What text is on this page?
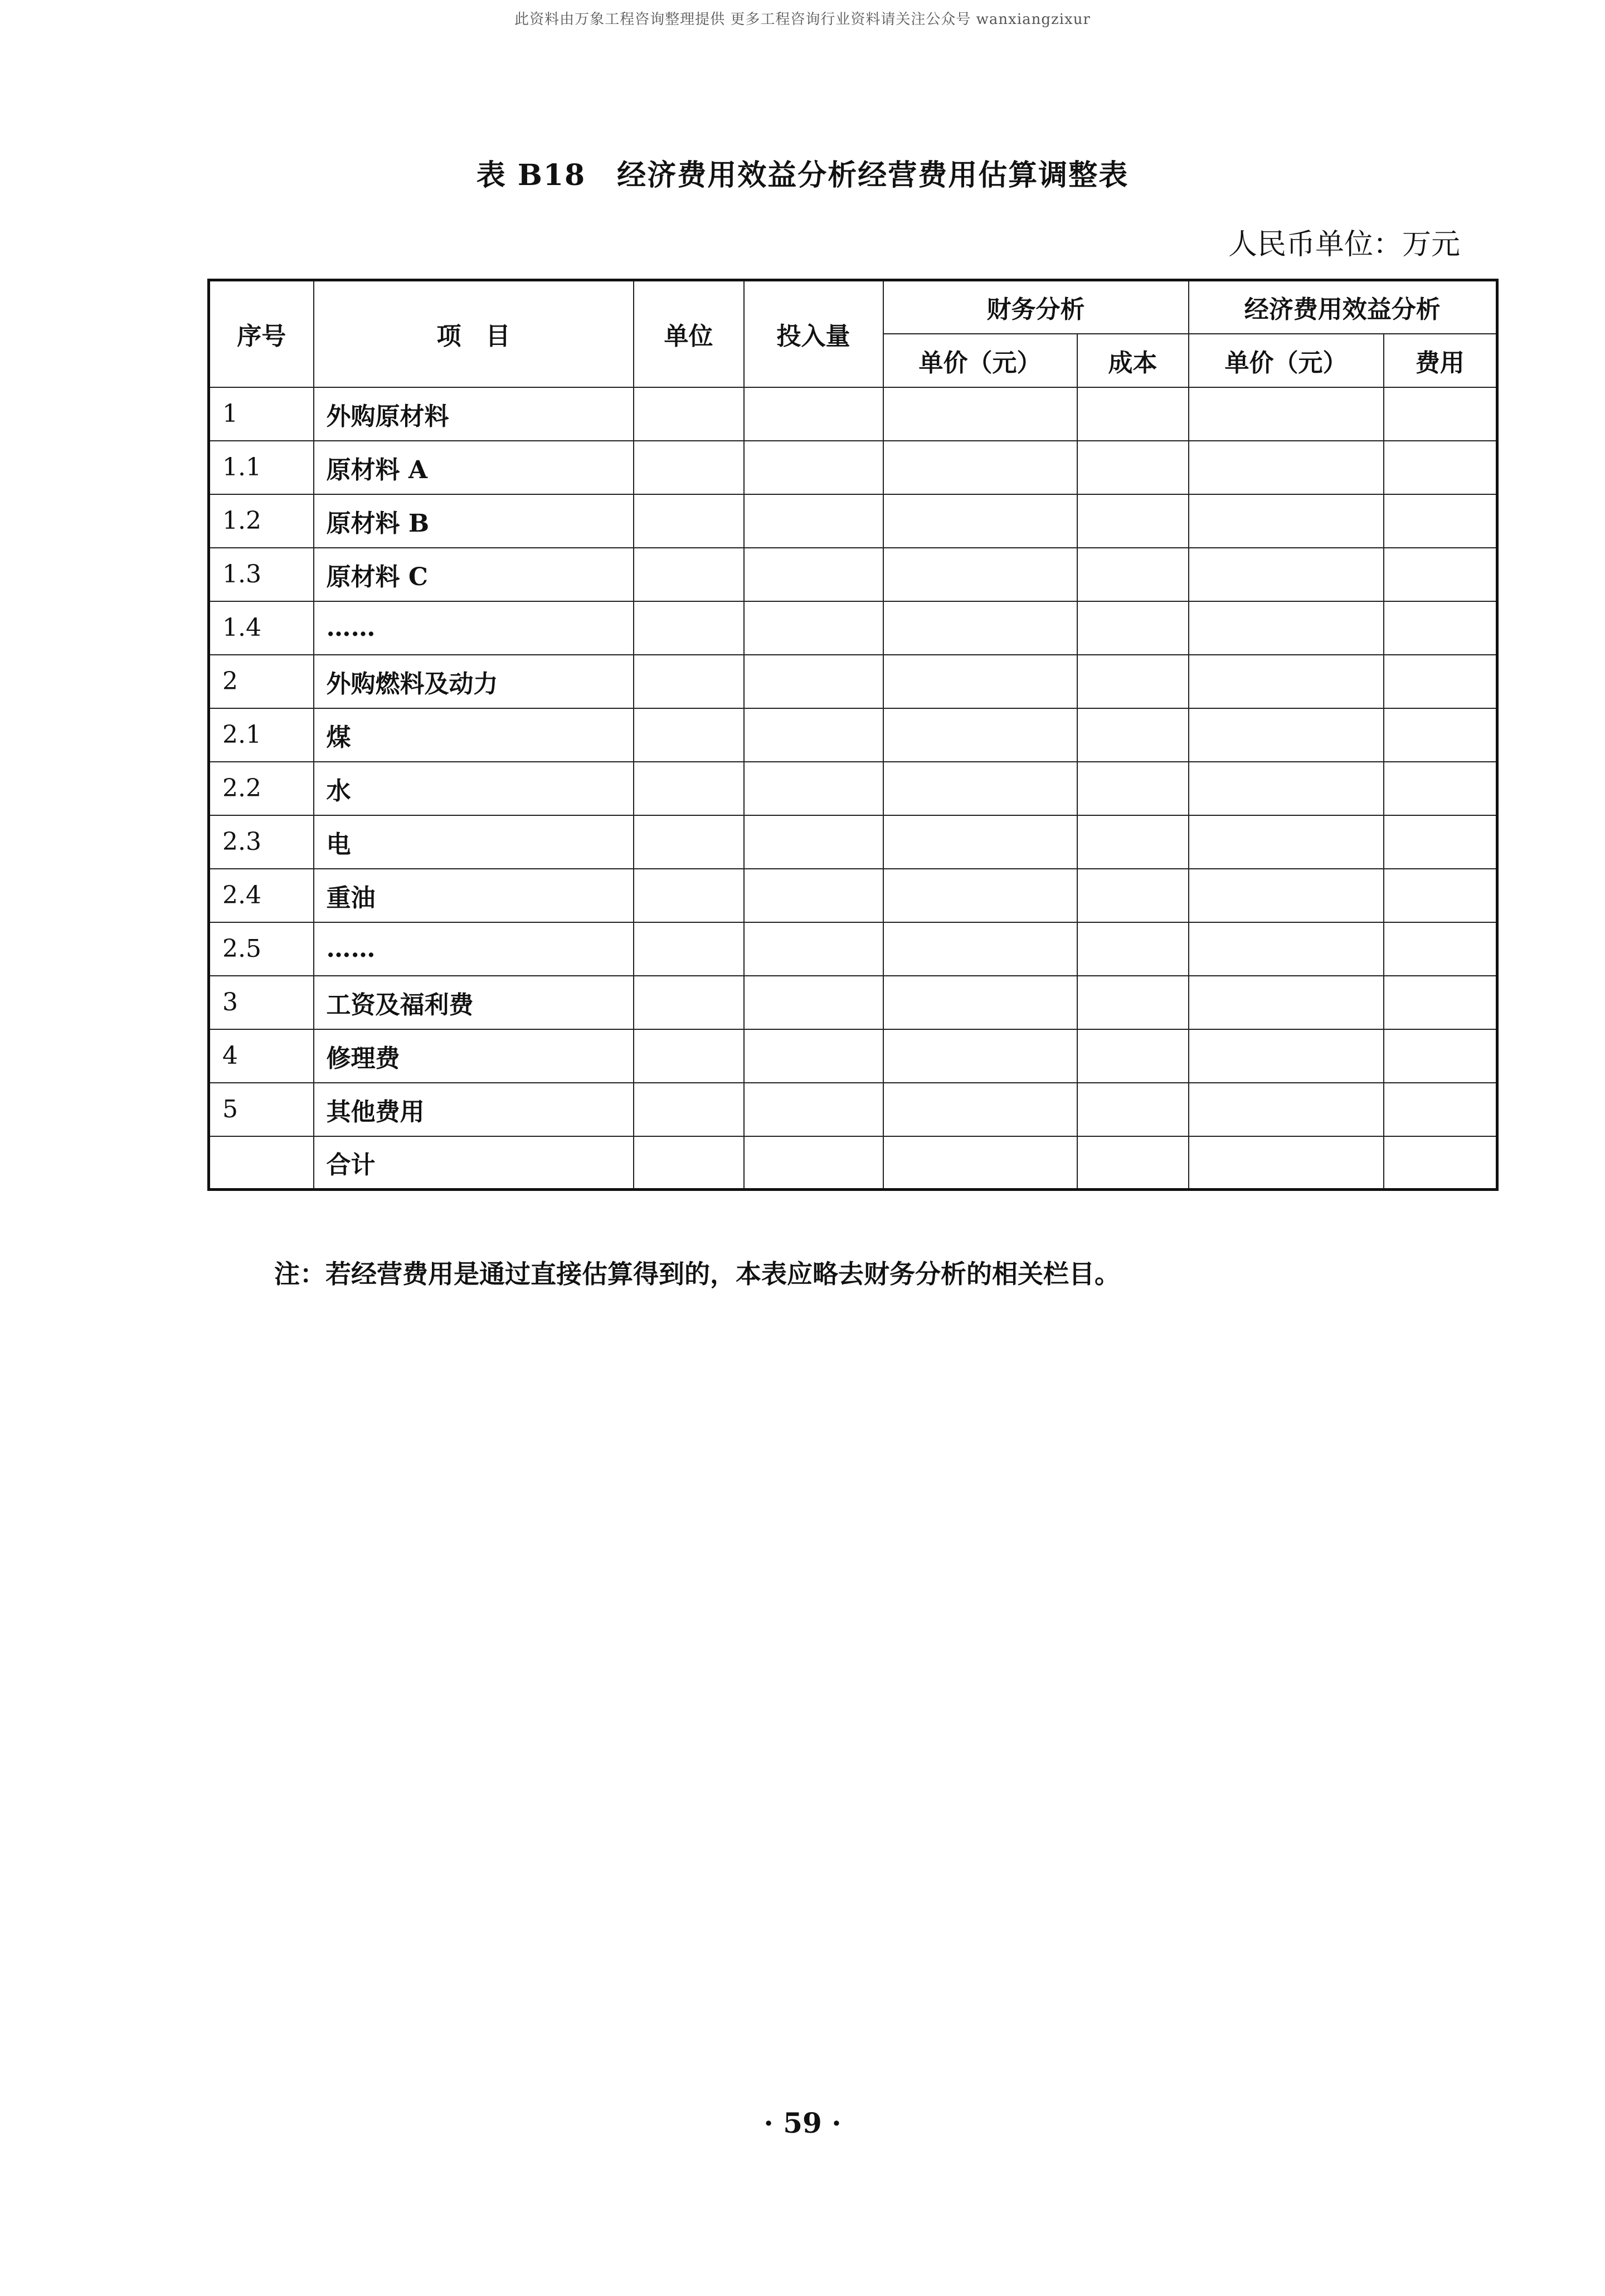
此资料由万象工程咨询整理提供 更多工程咨询行业资料请关注公众号 wanxiangzixur
表 B18 经济费用效益分析经营费用估算调整表
人民币单位：万元
序号	项　目	单位	投入量	财务分析		经济费用效益分析	
				单价（元）	成本	单价（元）	费用
1	外购原材料						
1.1	原材料 A						
1.2	原材料 B						
1.3	原材料 C						
1.4	……						
2	外购燃料及动力						
2.1	煤						
2.2	水						
2.3	电						
2.4	重油						
2.5	……						
3	工资及福利费						
4	修理费						
5	其他费用						
	合计						
注：若经营费用是通过直接估算得到的，本表应略去财务分析的相关栏目。
· 59 ·
